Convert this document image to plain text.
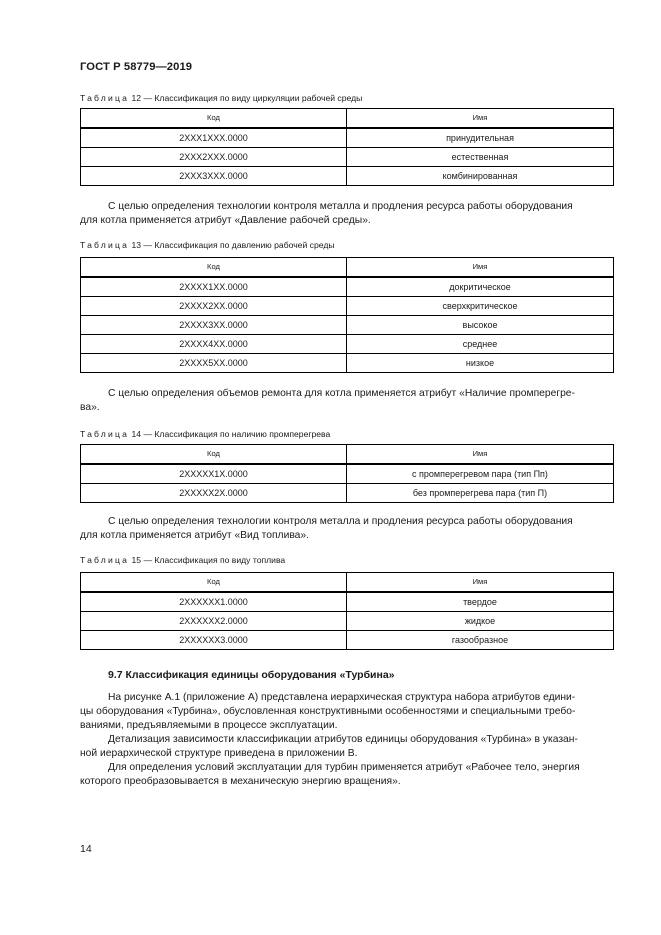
ГОСТ Р 58779—2019
Таблица 12 — Классификация по виду циркуляции рабочей среды
Код	Имя
2XXX1XXX.0000	принудительная
2XXX2XXX.0000	естественная
2XXX3XXX.0000	комбинированная

С целью определения технологии контроля металла и продления ресурса работы оборудования

для котла применяется атрибут «Давление рабочей среды».

Таблица 13 — Классификация по давлению рабочей среды
Код	Имя
2XXXX1XX.0000	докритическое
2XXXX2XX.0000	сверхкритическое
2XXXX3XX.0000	высокое
2XXXX4XX.0000	среднее
2XXXX5XX.0000	низкое

С целью определения объемов ремонта для котла применяется атрибут «Наличие промперегре-

ва».

Таблица 14 — Классификация по наличию промперегрева
Код	Имя
2XXXXX1X.0000	с промперегревом пара (тип Пп)
2XXXXX2X.0000	без промперегрева пара (тип П)

С целью определения технологии контроля металла и продления ресурса работы оборудования

для котла применяется атрибут «Вид топлива».

Таблица 15 — Классификация по виду топлива
Код	Имя
2XXXXXX1.0000	твердое
2XXXXXX2.0000	жидкое
2XXXXXX3.0000	газообразное
9.7 Классификация единицы оборудования «Турбина»

На рисунке А.1 (приложение А) представлена иерархическая структура набора атрибутов едини-

цы оборудования «Турбина», обусловленная конструктивными особенностями и специальными требо-

ваниями, предъявляемыми в процессе эксплуатации.

Детализация зависимости классификации атрибутов единицы оборудования «Турбина» в указан-

ной иерархической структуре приведена в приложении В.

Для определения условий эксплуатации для турбин применяется атрибут «Рабочее тело, энергия

которого преобразовывается в механическую энергию вращения».

14
